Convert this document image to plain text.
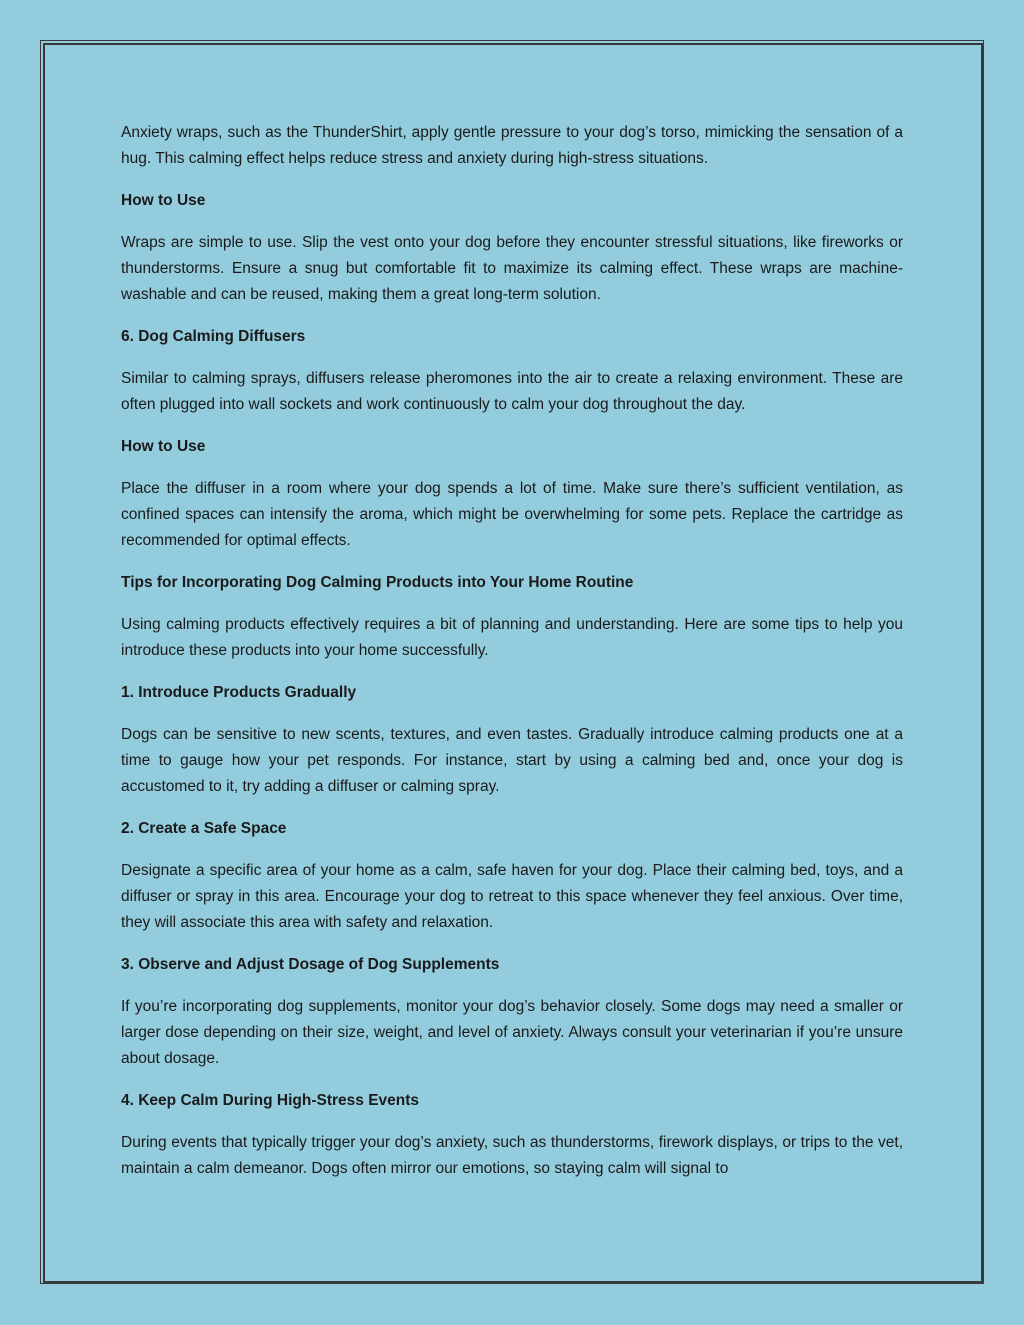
Anxiety wraps, such as the ThunderShirt, apply gentle pressure to your dog’s torso, mimicking the sensation of a hug. This calming effect helps reduce stress and anxiety during high-stress situations.

How to Use

Wraps are simple to use. Slip the vest onto your dog before they encounter stressful situations, like fireworks or thunderstorms. Ensure a snug but comfortable fit to maximize its calming effect. These wraps are machine-washable and can be reused, making them a great long-term solution.

6. Dog Calming Diffusers

Similar to calming sprays, diffusers release pheromones into the air to create a relaxing environment. These are often plugged into wall sockets and work continuously to calm your dog throughout the day.

How to Use

Place the diffuser in a room where your dog spends a lot of time. Make sure there’s sufficient ventilation, as confined spaces can intensify the aroma, which might be overwhelming for some pets. Replace the cartridge as recommended for optimal effects.

Tips for Incorporating Dog Calming Products into Your Home Routine

Using calming products effectively requires a bit of planning and understanding. Here are some tips to help you introduce these products into your home successfully.

1. Introduce Products Gradually

Dogs can be sensitive to new scents, textures, and even tastes. Gradually introduce calming products one at a time to gauge how your pet responds. For instance, start by using a calming bed and, once your dog is accustomed to it, try adding a diffuser or calming spray.

2. Create a Safe Space

Designate a specific area of your home as a calm, safe haven for your dog. Place their calming bed, toys, and a diffuser or spray in this area. Encourage your dog to retreat to this space whenever they feel anxious. Over time, they will associate this area with safety and relaxation.

3. Observe and Adjust Dosage of Dog Supplements

If you’re incorporating dog supplements, monitor your dog’s behavior closely. Some dogs may need a smaller or larger dose depending on their size, weight, and level of anxiety. Always consult your veterinarian if you’re unsure about dosage.

4. Keep Calm During High-Stress Events

During events that typically trigger your dog’s anxiety, such as thunderstorms, firework displays, or trips to the vet, maintain a calm demeanor. Dogs often mirror our emotions, so staying calm will signal to
